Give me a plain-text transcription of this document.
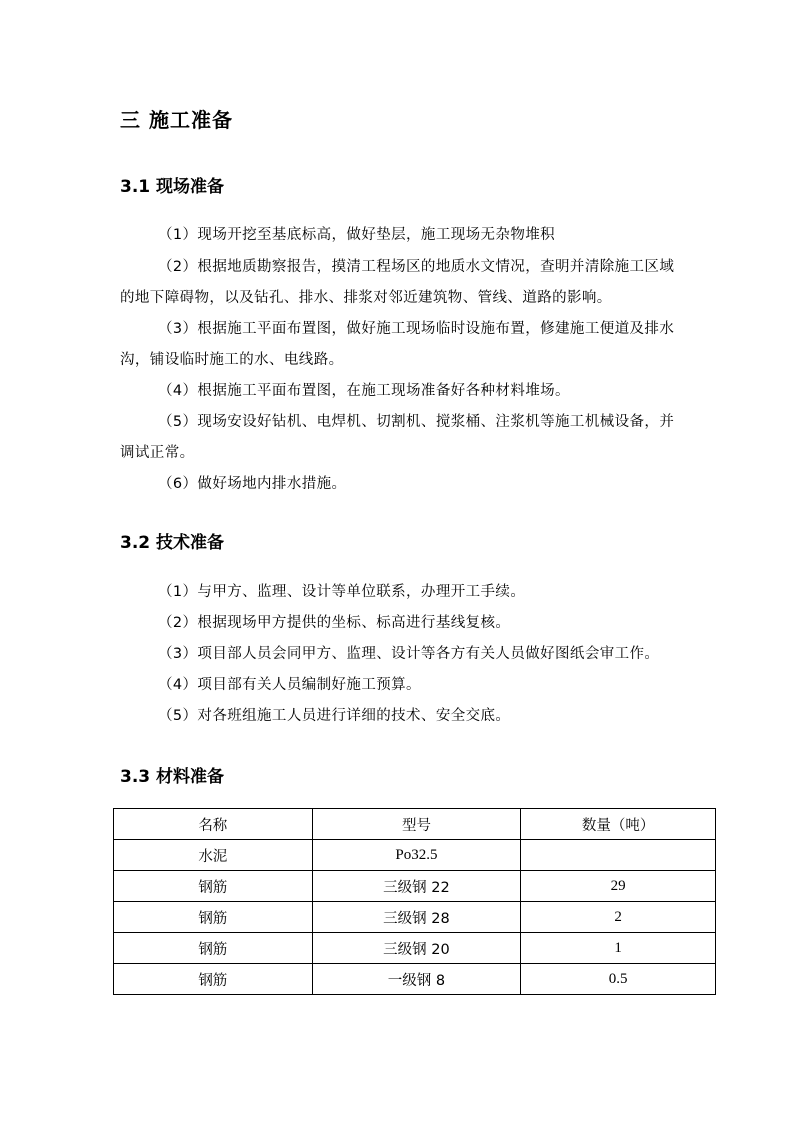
三 施工准备
3.1 现场准备
（1）现场开挖至基底标高，做好垫层，施工现场无杂物堆积
（2）根据地质勘察报告，摸清工程场区的地质水文情况，查明并清除施工区域
的地下障碍物，以及钻孔、排水、排浆对邻近建筑物、管线、道路的影响。
（3）根据施工平面布置图，做好施工现场临时设施布置，修建施工便道及排水
沟，铺设临时施工的水、电线路。
（4）根据施工平面布置图，在施工现场准备好各种材料堆场。
（5）现场安设好钻机、电焊机、切割机、搅浆桶、注浆机等施工机械设备，并
调试正常。
（6）做好场地内排水措施。
3.2 技术准备
（1）与甲方、监理、设计等单位联系，办理开工手续。
（2）根据现场甲方提供的坐标、标高进行基线复核。
（3）项目部人员会同甲方、监理、设计等各方有关人员做好图纸会审工作。
（4）项目部有关人员编制好施工预算。
（5）对各班组施工人员进行详细的技术、安全交底。
3.3 材料准备
名称	型号	数量（吨）
水泥	Po32.5	
钢筋	三级钢 22	29
钢筋	三级钢 28	2
钢筋	三级钢 20	1
钢筋	一级钢 8	0.5
